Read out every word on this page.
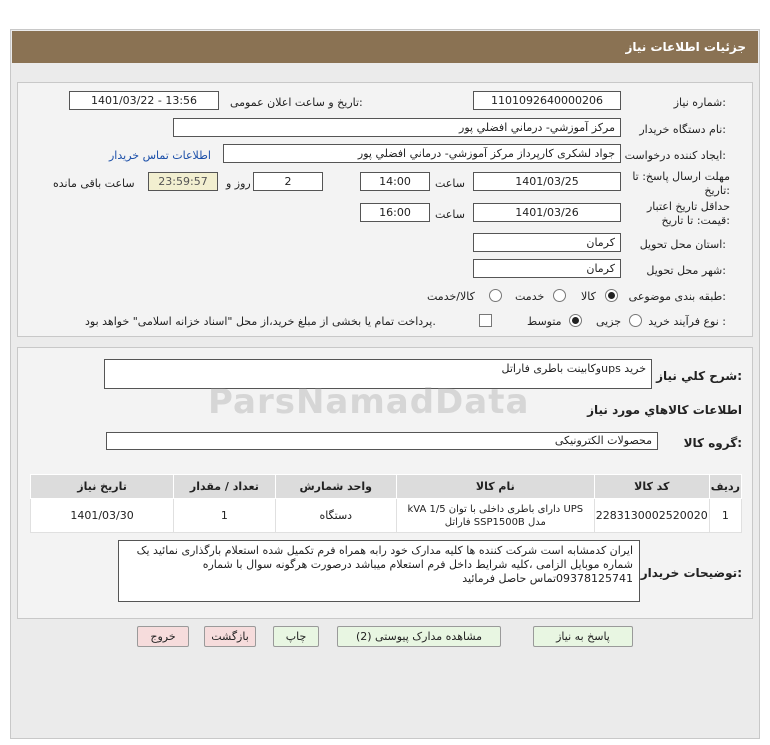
جزئیات اطلاعات نیاز
شماره نیاز:
1101092640000206
تاریخ و ساعت اعلان عمومی:
1401/03/22 - 13:56
نام دستگاه خریدار:
مرکز آموزشي- درماني افضلي پور
ایجاد کننده درخواست:
جواد لشکری کارپرداز مرکز آموزشي- درماني افضلي پور
اطلاعات تماس خریدار
مهلت ارسال پاسخ: تا تاریخ:
1401/03/25
ساعت
14:00
2
روز و
23:59:57
ساعت باقی مانده
حداقل تاریخ اعتبار قیمت: تا تاریخ:
1401/03/26
ساعت
16:00
استان محل تحویل:
کرمان
شهر محل تحویل:
کرمان
طبقه بندی موضوعی:
کالا
خدمت
کالا/خدمت
نوع فرآیند خرید :
جزیی
متوسط
پرداخت تمام یا بخشی از مبلغ خرید،از محل "اسناد خزانه اسلامی" خواهد بود.
شرح کلي نياز:
خرید upsوکابینت باطری فاراتل
اطلاعات کالاهاي مورد نياز
گروه کالا:
محصولات الکترونیکی
ردیف	کد کالا	نام کالا	واحد شمارش	تعداد / مقدار	تاریخ نیاز
1	2283130002520020	UPS دارای باطری داخلی با توان kVA 1/5 مدل SSP1500B فاراتل	دستگاه	1	1401/03/30
توضیحات خریدار:
ایران کدمشابه است شرکت کننده ها کلیه مدارک خود رابه همراه فرم تکمیل شده استعلام بارگذاری نمائید یک شماره موبایل الزامی ،کلیه شرایط داخل فرم استعلام میباشد درصورت هرگونه سوال با شماره 09378125741تماس حاصل فرمائید
پاسخ به نیاز
مشاهده مدارک پیوستی (2)
چاپ
بازگشت
خروج
ParsNamadData
